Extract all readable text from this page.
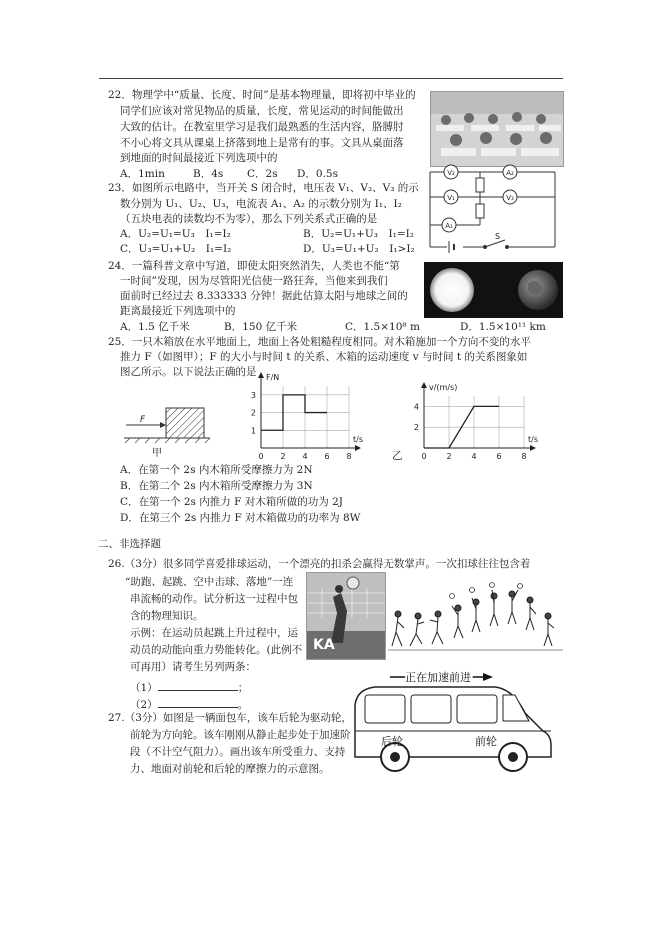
22．物理学中“质量、长度、时间”是基本物理量，即将初中毕业的
同学们应该对常见物品的质量，长度，常见运动的时间能做出
大致的估计。在教室里学习是我们最熟悉的生活内容，胳膊肘
不小心将文具从课桌上挤落到地上是常有的事。文具从桌面落
到地面的时间最接近下列选项中的
A．1min	B．4s C．2s D．0.5s
23．如图所示电路中，当开关 S 闭合时，电压表 V₁、V₂、V₃ 的示
数分别为 U₁、U₂、U₃，电流表 A₁、A₂ 的示数分别为 I₁、I₂
（五块电表的读数均不为零），那么下列关系式正确的是
A．U₂=U₁=U₃　I₁=I₂	B．U₂=U₁+U₃　I₁=I₂
C．U₃=U₁+U₂　I₁=I₂	D．U₃=U₁+U₂　I₁>I₂
V₂	A₂
V₁	V₃
A₁
S
24．一篇科普文章中写道，即使太阳突然消失，人类也不能“第
一时间”发现，因为尽管阳光信使一路狂奔，当他来到我们
面前时已经过去 8.333333 分钟！据此估算太阳与地球之间的
距离最接近下列选项中的
A．1.5 亿千米	B．150 亿千米	C．1.5×10⁸ m	D．1.5×10¹¹ km
25．一只木箱放在水平地面上，地面上各处粗糙程度相同。对木箱施加一个方向不变的水平
推力 F（如图甲）；F 的大小与时间 t 的关系、木箱的运动速度 v 与时间 t 的关系图象如
图乙所示。以下说法正确的是
F
甲	0 2 4 6 8
1
2
3
t/s
F/N
乙 0 2 4 6 8
2
4
t/s
v/(m/s)
A．在第一个 2s 内木箱所受摩擦力为 2N
B．在第二个 2s 内木箱所受摩擦力为 3N
C．在第一个 2s 内推力 F 对木箱所做的功为 2J
D．在第三个 2s 内推力 F 对木箱做功的功率为 8W
二、非选择题
26.（3分）很多同学喜爱排球运动，一个漂亮的扣杀会赢得无数掌声。一次扣球往往包含着
“助跑、起跳、空中击球、落地”一连
串流畅的动作。试分析这一过程中包
含的物理知识。
示例：在运动员起跳上升过程中，运
动员的动能向重力势能转化。(此例不
可再用）请考生另列两条：
（1）	；
（2）	。
KA
27.（3分）如图是一辆面包车，该车后轮为驱动轮，
前轮为方向轮。该车刚刚从静止起步处于加速阶
段（不计空气阻力）。画出该车所受重力、支持
力、地面对前轮和后轮的摩擦力的示意图。
正在加速前进
后轮	前轮
